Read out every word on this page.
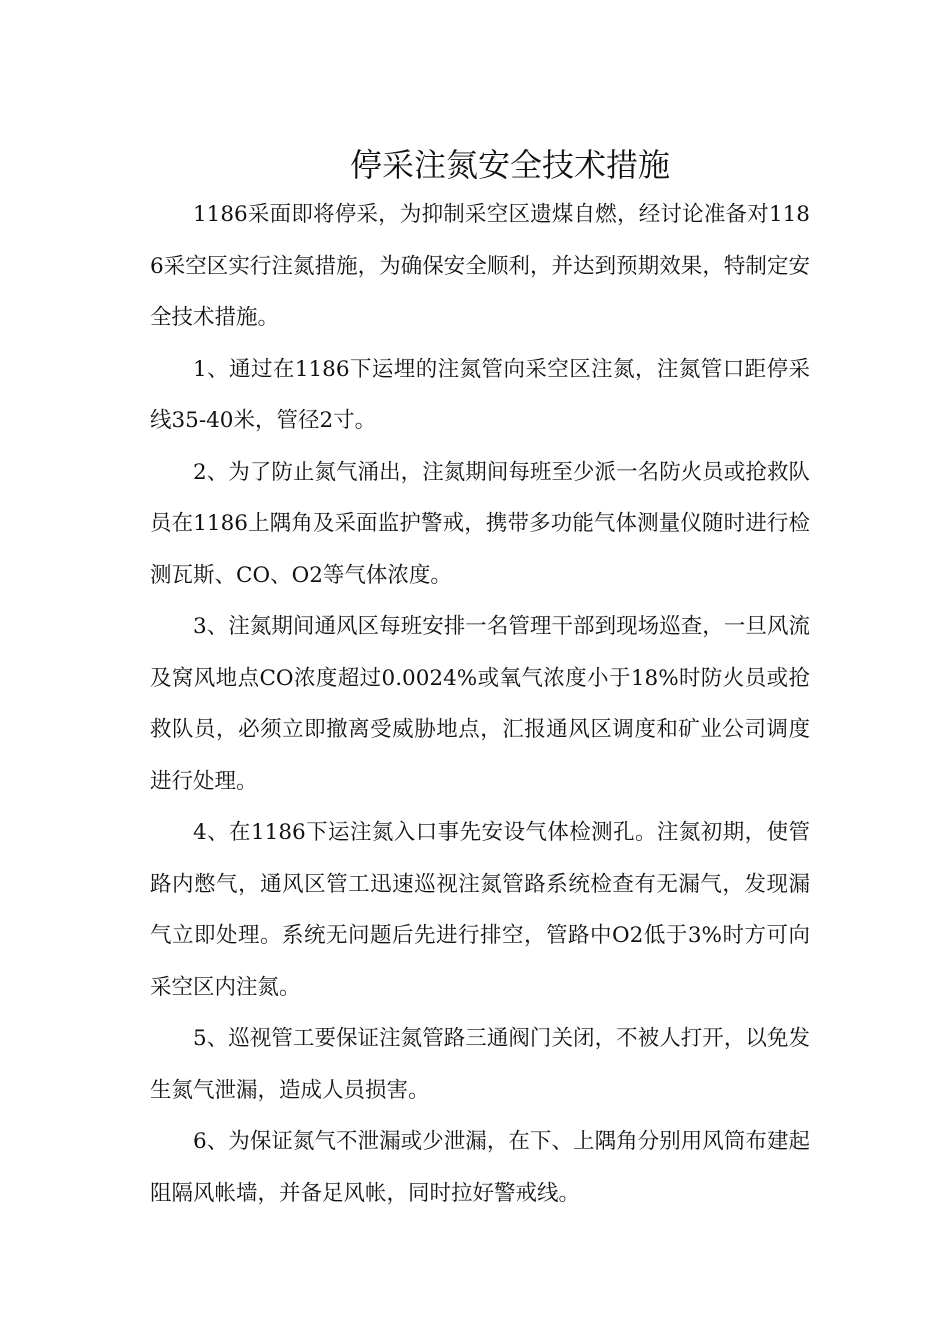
停采注氮安全技术措施

1186采面即将停采，为抑制采空区遗煤自燃，经讨论准备对1186采空区实行注氮措施，为确保安全顺利，并达到预期效果，特制定安全技术措施。

1、通过在1186下运埋的注氮管向采空区注氮，注氮管口距停采线35-40米，管径2寸。

2、为了防止氮气涌出，注氮期间每班至少派一名防火员或抢救队员在1186上隅角及采面监护警戒，携带多功能气体测量仪随时进行检测瓦斯、CO、O2等气体浓度。

3、注氮期间通风区每班安排一名管理干部到现场巡查，一旦风流及窝风地点CO浓度超过0.0024%或氧气浓度小于18%时防火员或抢救队员，必须立即撤离受威胁地点，汇报通风区调度和矿业公司调度进行处理。

4、在1186下运注氮入口事先安设气体检测孔。注氮初期，使管路内憋气，通风区管工迅速巡视注氮管路系统检查有无漏气，发现漏气立即处理。系统无问题后先进行排空，管路中O2低于3%时方可向采空区内注氮。

5、巡视管工要保证注氮管路三通阀门关闭，不被人打开，以免发生氮气泄漏，造成人员损害。

6、为保证氮气不泄漏或少泄漏，在下、上隅角分别用风筒布建起阻隔风帐墙，并备足风帐，同时拉好警戒线。
